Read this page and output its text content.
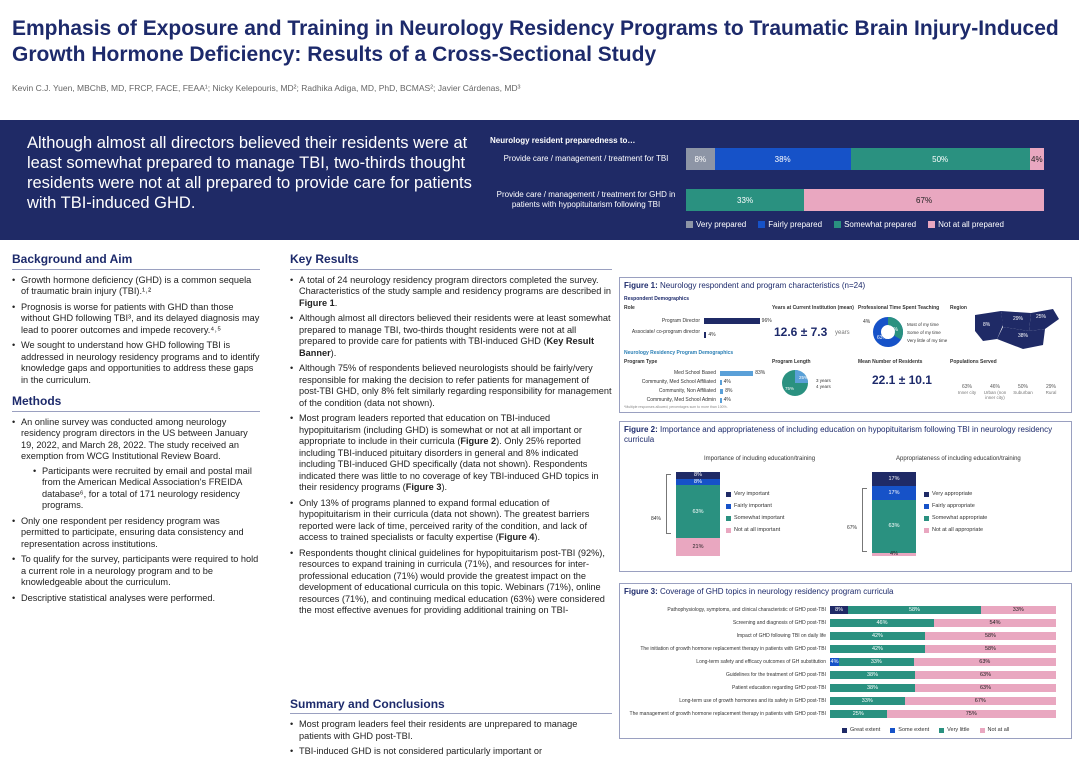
Emphasis of Exposure and Training in Neurology Residency Programs to Traumatic Brain Injury-Induced Growth Hormone Deficiency: Results of a Cross-Sectional Study
Kevin C.J. Yuen, MBChB, MD, FRCP, FACE, FEAA¹; Nicky Kelepouris, MD²; Radhika Adiga, MD, PhD, BCMAS²; Javier Cárdenas, MD³
Although almost all directors believed their residents were at least somewhat prepared to manage TBI, two-thirds thought residents were not at all prepared to provide care for patients with TBI-induced GHD.
Neurology resident preparedness to…
Provide care / management / treatment for TBI
Provide care / management / treatment for GHD in patients with hypopituitarism following TBI
8%	38%	50%	4%
33%	67%
Very prepared	Fairly prepared	Somewhat prepared	Not at all prepared
Background and Aim
• Growth hormone deficiency (GHD) is a common sequela of traumatic brain injury (TBI).¹˒²
• Prognosis is worse for patients with GHD than those without GHD following TBI³, and its delayed diagnosis may lead to poorer outcomes and impede recovery.⁴˒⁵
• We sought to understand how GHD following TBI is addressed in neurology residency programs and to identify knowledge gaps and opportunities to address these gaps in the curriculum.
Methods
• An online survey was conducted among neurology residency program directors in the US between January 19, 2022, and March 28, 2022. The study received an exemption from WCG Institutional Review Board.
• Participants were recruited by email and postal mail from the American Medical Association's FREIDA database⁶, for a total of 171 neurology residency programs.
• Only one respondent per residency program was permitted to participate, ensuring data consistency and representation across institutions.
• To qualify for the survey, participants were required to hold a current role in a neurology program and to be knowledgeable about the curriculum.
• Descriptive statistical analyses were performed.
Key Results
• A total of 24 neurology residency program directors completed the survey. Characteristics of the study sample and residency programs are described in Figure 1.
• Although almost all directors believed their residents were at least somewhat prepared to manage TBI, two-thirds thought residents were not at all prepared to provide care for patients with TBI-induced GHD (Key Result Banner).
• Although 75% of respondents believed neurologists should be fairly/very responsible for making the decision to refer patients for management of post-TBI GHD, only 8% felt similarly regarding responsibility for management of the condition (data not shown).
• Most program leaders reported that education on TBI-induced hypopituitarism (including GHD) is somewhat or not at all important or appropriate to include in their curricula (Figure 2). Only 25% reported including TBI-induced pituitary disorders in general and 8% indicated including TBI-induced GHD specifically (data not shown). Respondents indicated there was little to no coverage of key TBI-induced GHD topics in their residency programs (Figure 3).
• Only 13% of programs planned to expand formal education of hypopituitarism in their curricula (data not shown). The greatest barriers reported were lack of time, perceived rarity of the condition, and lack of access to trained specialists or faculty expertise (Figure 4).
• Respondents thought clinical guidelines for hypopituitarism post-TBI (92%), resources to expand training in curricula (71%), and resources for inter-professional education (71%) would provide the greatest impact on the development of educational curricula on this topic. Webinars (71%), online resources (71%), and continuing medical education (63%) were considered the most effective avenues for providing additional training on TBI-
Summary and Conclusions
• Most program leaders feel their residents are unprepared to manage patients with GHD post-TBI.
• TBI-induced GHD is not considered particularly important or
Figure 1: Neurology respondent and program characteristics (n=24)
Respondent Demographics
Role
Program Director	96%
Associate/ co-program director 4%
Years at Current Institution (mean)
12.6 ± 7.3 years
Professional Time Spent Teaching
4%
33%
63%
Most of my time
Some of my time
Very little of my time
Region
8%
29%	25%
38%
Neurology Residency Program Demographics
Program Type
Med School Based	83%
Community, Med School Affiliated 4%
Community, Non Affiliated 8%
Community, Med School Admin 4%
Program Length
25%
75%
3 years
4 years
Mean Number of Residents
22.1 ± 10.1
Populations Served
63%
Inner city
46%
Urban (non inner city)
50%
Suburban
29%
Rural
*Multiple responses allowed; percentages sum to more than 100%.
Figure 2: Importance and appropriateness of including education on hypopituitarism following TBI in neurology residency curricula
Importance of including education/training	Appropriateness of including education/training
8%
8%
63%
21%
17%
17%
63%
4%
84%
67%
Very important
Fairly important
Somewhat important
Not at all important
Very appropriate
Fairly appropriate
Somewhat appropriate
Not at all appropriate
Figure 3: Coverage of GHD topics in neurology residency program curricula
Pathophysiology, symptoms, and clinical characteristic of GHD post-TBI	8%	58%	33%
Screening and diagnosis of GHD post-TBI	46%	54%
Impact of GHD following TBI on daily life	42%	58%
The initiation of growth hormone replacement therapy in patients with GHD post-TBI	42%	58%
Long-term safety and efficacy outcomes of GH substitution 4%	33%	63%
Guidelines for the treatment of GHD post-TBI	38%	63%
Patient education regarding GHD post-TBI	38%	63%
Long-term use of growth hormones and its safety in GHD post-TBI	33%	67%
The management of growth hormone replacement therapy in patients with GHD post-TBI	25%	75%
Great extent	Some extent	Very little	Not at all
